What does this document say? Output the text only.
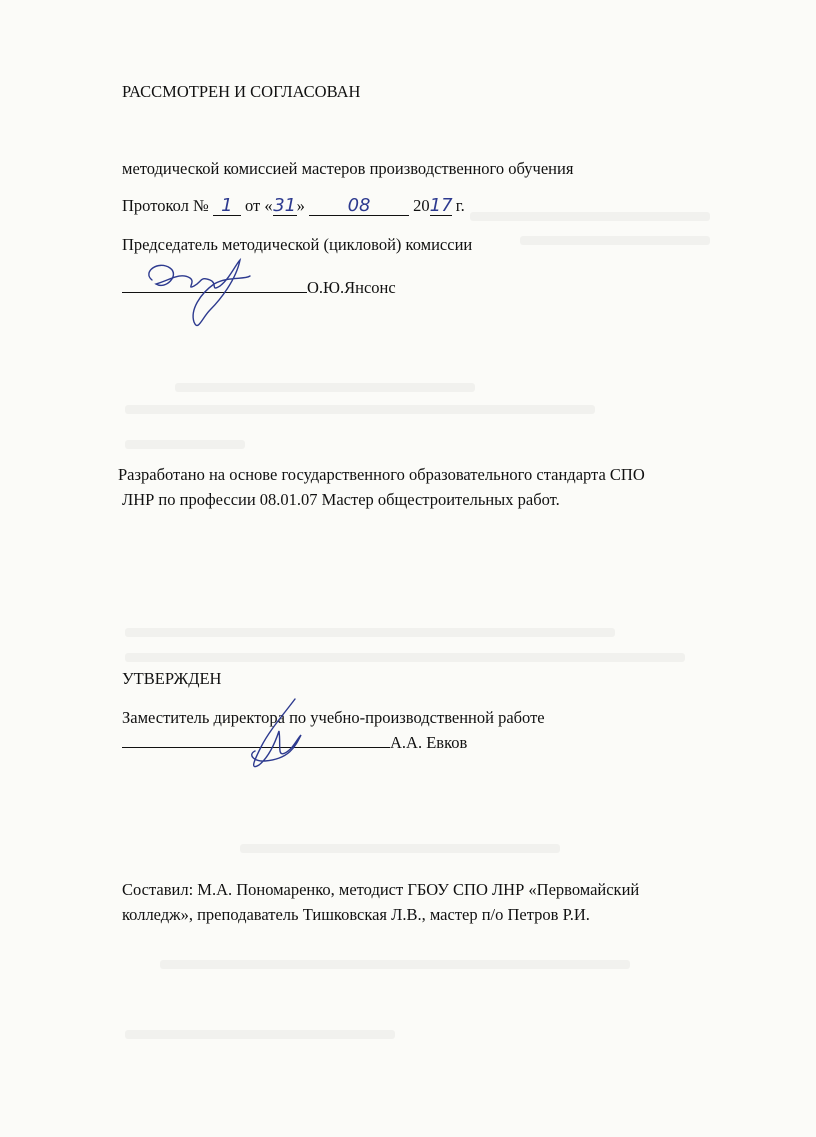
РАССМОТРЕН И СОГЛАСОВАН
методической комиссией мастеров производственного обучения
Протокол № 1 от «31» 08	2017 г.
Председатель методической (цикловой) комиссии
О.Ю.Янсонс
Разработано на основе государственного образовательного стандарта СПО
ЛНР по профессии 08.01.07 Мастер общестроительных работ.
УТВЕРЖДЕН
Заместитель директора по учебно-производственной работе
А.А. Евков
Составил: М.А. Пономаренко, методист ГБОУ СПО ЛНР «Первомайский
колледж», преподаватель Тишковская Л.В., мастер п/о Петров Р.И.
